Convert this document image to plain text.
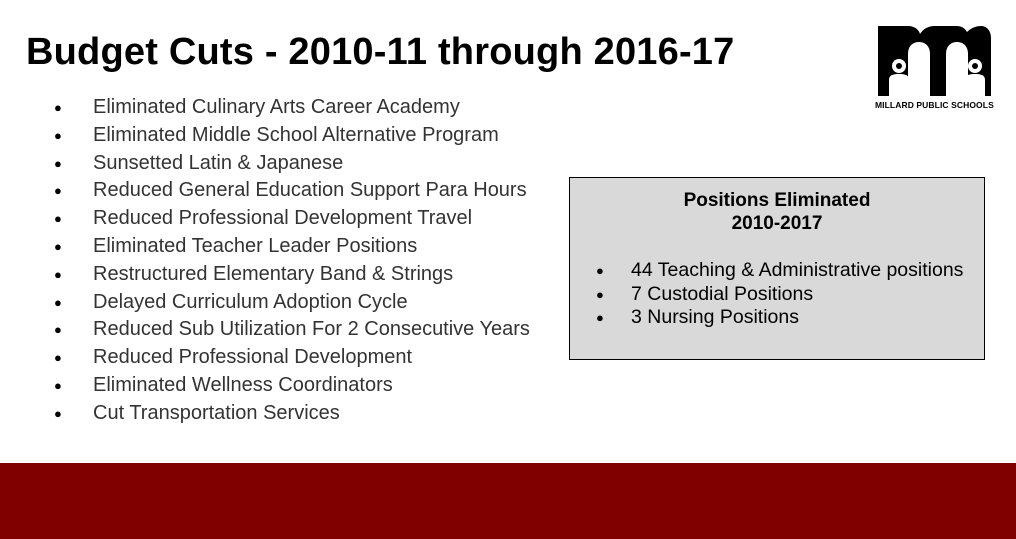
Budget Cuts - 2010-11 through 2016-17
● Eliminated Culinary Arts Career Academy
● Eliminated Middle School Alternative Program
● Sunsetted Latin & Japanese
● Reduced General Education Support Para Hours
● Reduced Professional Development Travel
● Eliminated Teacher Leader Positions
● Restructured Elementary Band & Strings
● Delayed Curriculum Adoption Cycle
● Reduced Sub Utilization For 2 Consecutive Years
● Reduced Professional Development
● Eliminated Wellness Coordinators
● Cut Transportation Services
Positions Eliminated
2010-2017
● 44 Teaching & Administrative positions
● 7 Custodial Positions
● 3 Nursing Positions
MILLARD PUBLIC SCHOOLS
